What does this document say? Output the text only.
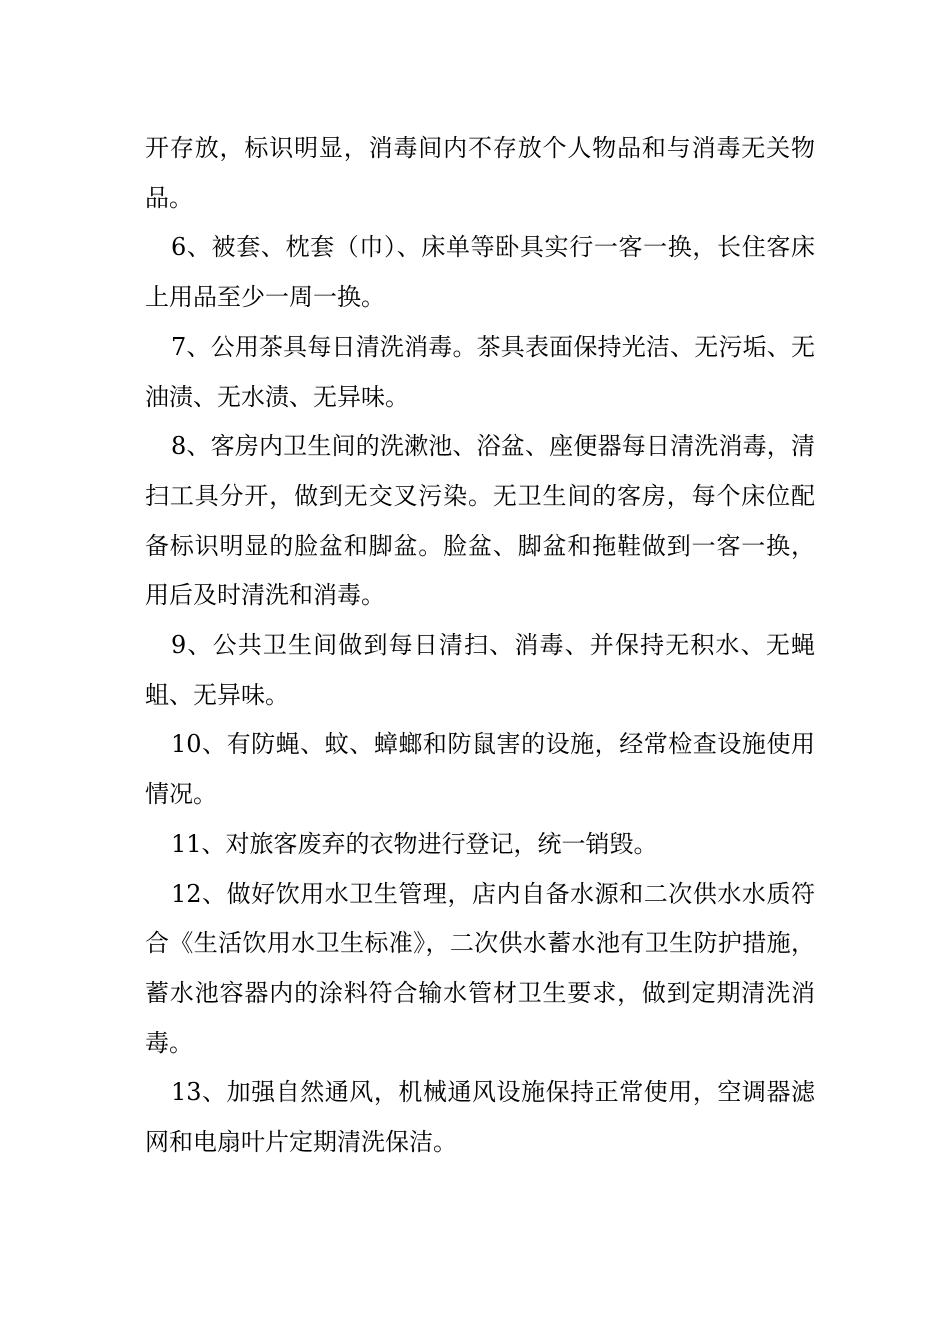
开存放，标识明显，消毒间内不存放个人物品和与消毒无关物品。

6、被套、枕套（巾）、床单等卧具实行一客一换，长住客床上用品至少一周一换。

7、公用茶具每日清洗消毒。茶具表面保持光洁、无污垢、无油渍、无水渍、无异味。

8、客房内卫生间的洗漱池、浴盆、座便器每日清洗消毒，清扫工具分开，做到无交叉污染。无卫生间的客房，每个床位配备标识明显的脸盆和脚盆。脸盆、脚盆和拖鞋做到一客一换，用后及时清洗和消毒。

9、公共卫生间做到每日清扫、消毒、并保持无积水、无蝇蛆、无异味。

10、有防蝇、蚊、蟑螂和防鼠害的设施，经常检查设施使用情况。

11、对旅客废弃的衣物进行登记，统一销毁。

12、做好饮用水卫生管理，店内自备水源和二次供水水质符合《生活饮用水卫生标准》，二次供水蓄水池有卫生防护措施，蓄水池容器内的涂料符合输水管材卫生要求，做到定期清洗消毒。

13、加强自然通风，机械通风设施保持正常使用，空调器滤网和电扇叶片定期清洗保洁。
